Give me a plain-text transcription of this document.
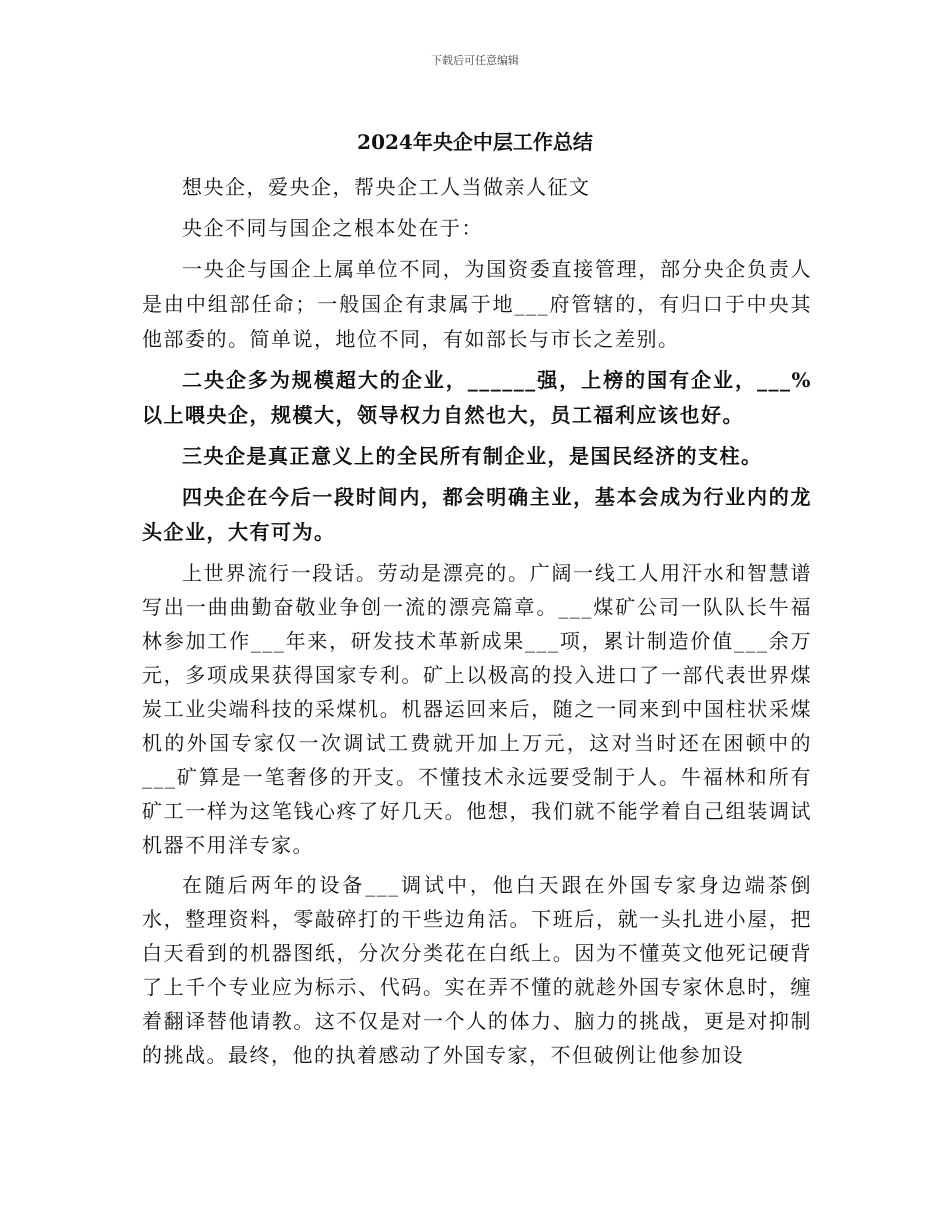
下载后可任意编辑
2024年央企中层工作总结

想央企，爱央企，帮央企工人当做亲人征文

央企不同与国企之根本处在于：

一央企与国企上属单位不同，为国资委直接管理，部分央企负责人是由中组部任命；一般国企有隶属于地___府管辖的，有归口于中央其他部委的。简单说，地位不同，有如部长与市长之差别。

二央企多为规模超大的企业，______强，上榜的国有企业，___%以上喂央企，规模大，领导权力自然也大，员工福利应该也好。

三央企是真正意义上的全民所有制企业，是国民经济的支柱。

四央企在今后一段时间内，都会明确主业，基本会成为行业内的龙头企业，大有可为。

上世界流行一段话。劳动是漂亮的。广阔一线工人用汗水和智慧谱写出一曲曲勤奋敬业争创一流的漂亮篇章。___煤矿公司一队队长牛福林参加工作___年来，研发技术革新成果___项，累计制造价值___余万元，多项成果获得国家专利。矿上以极高的投入进口了一部代表世界煤炭工业尖端科技的采煤机。机器运回来后，随之一同来到中国柱状采煤机的外国专家仅一次调试工费就开加上万元，这对当时还在困顿中的___矿算是一笔奢侈的开支。不懂技术永远要受制于人。牛福林和所有矿工一样为这笔钱心疼了好几天。他想，我们就不能学着自己组装调试机器不用洋专家。

在随后两年的设备___调试中，他白天跟在外国专家身边端茶倒水，整理资料，零敲碎打的干些边角活。下班后，就一头扎进小屋，把白天看到的机器图纸，分次分类花在白纸上。因为不懂英文他死记硬背了上千个专业应为标示、代码。实在弄不懂的就趁外国专家休息时，缠着翻译替他请教。这不仅是对一个人的体力、脑力的挑战，更是对抑制的挑战。最终，他的执着感动了外国专家，不但破例让他参加设
